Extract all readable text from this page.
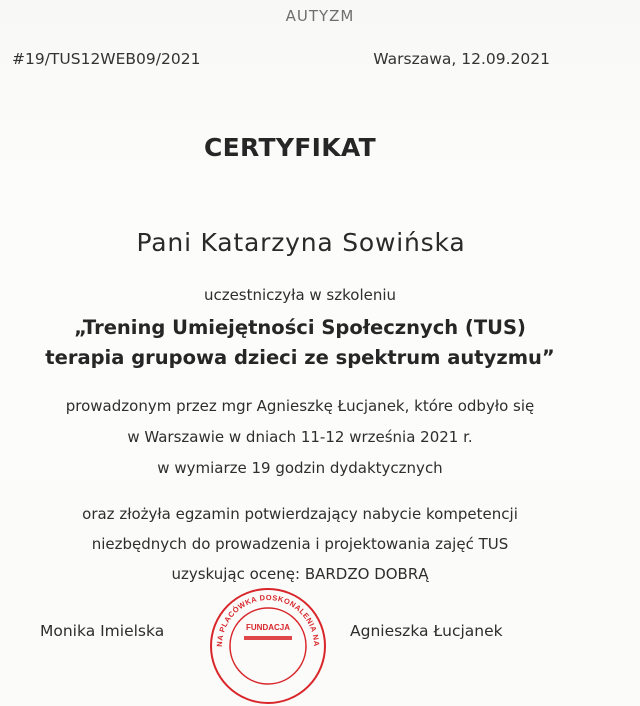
AUTYZM
#19/TUS12WEB09/2021	Warszawa, 12.09.2021
CERTYFIKAT
Pani Katarzyna Sowińska
uczestniczyła w szkoleniu
„Trening Umiejętności Społecznych (TUS)
terapia grupowa dzieci ze spektrum autyzmu”
prowadzonym przez mgr Agnieszkę Łucjanek, które odbyło się
w Warszawie w dniach 11-12 września 2021 r.
w wymiarze 19 godzin dydaktycznych
oraz złożyła egzamin potwierdzający nabycie kompetencji
niezbędnych do prowadzenia i projektowania zajęć TUS
uzyskując ocenę: BARDZO DOBRĄ
Monika Imielska	Agnieszka Łucjanek
NA PLACÓWKA DOSKONALENIA NA
FUNDACJA
